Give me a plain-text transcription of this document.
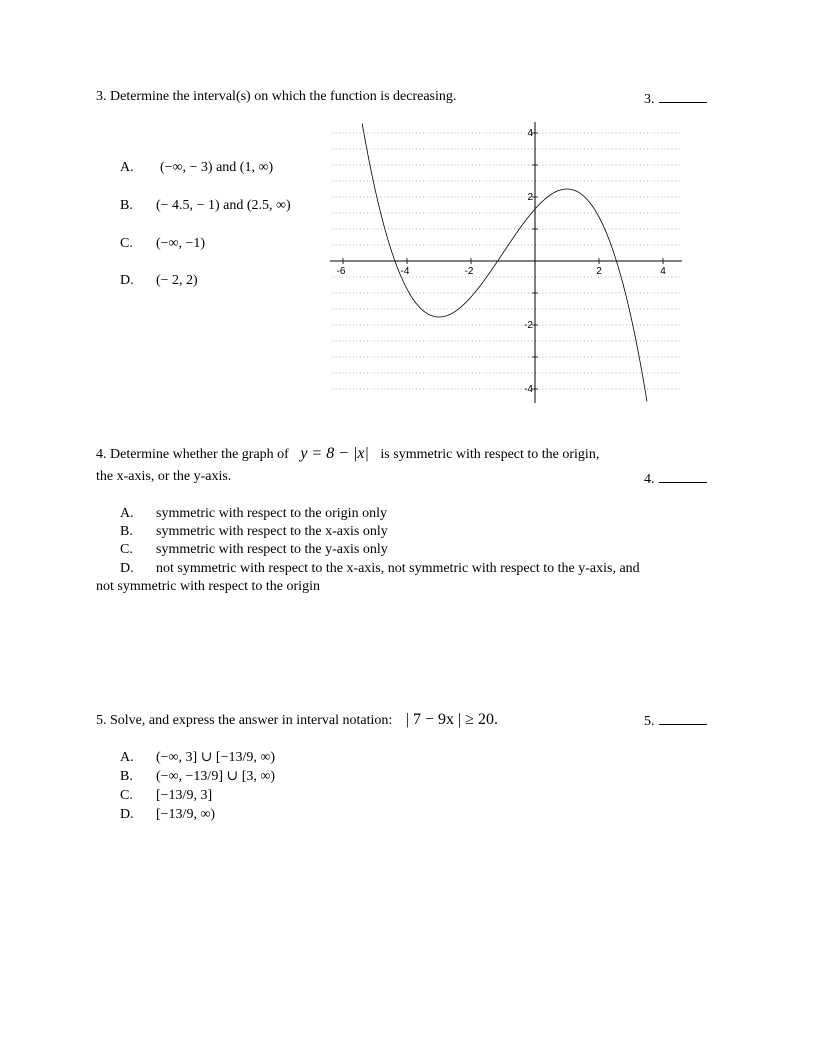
3. Determine the interval(s) on which the function is decreasing.	3.
A. (−∞, − 3) and (1, ∞)
B. (− 4.5, − 1) and (2.5, ∞)
C. (−∞, −1)
D. (− 2, 2)
-6	-4	-2	2	4
4
2
-2
-4
4. Determine whether the graph of y = 8 − |x| is symmetric with respect to the origin,
the x-axis, or the y-axis.	4.
A. symmetric with respect to the origin only
B. symmetric with respect to the x-axis only
C. symmetric with respect to the y-axis only
D. not symmetric with respect to the x-axis, not symmetric with respect to the y-axis, and
not symmetric with respect to the origin
5. Solve, and express the answer in interval notation: | 7 − 9x | ≥ 20.	5.
A. (−∞, 3] ∪ [−13/9, ∞)
B. (−∞, −13/9] ∪ [3, ∞)
C. [−13/9, 3]
D. [−13/9, ∞)
